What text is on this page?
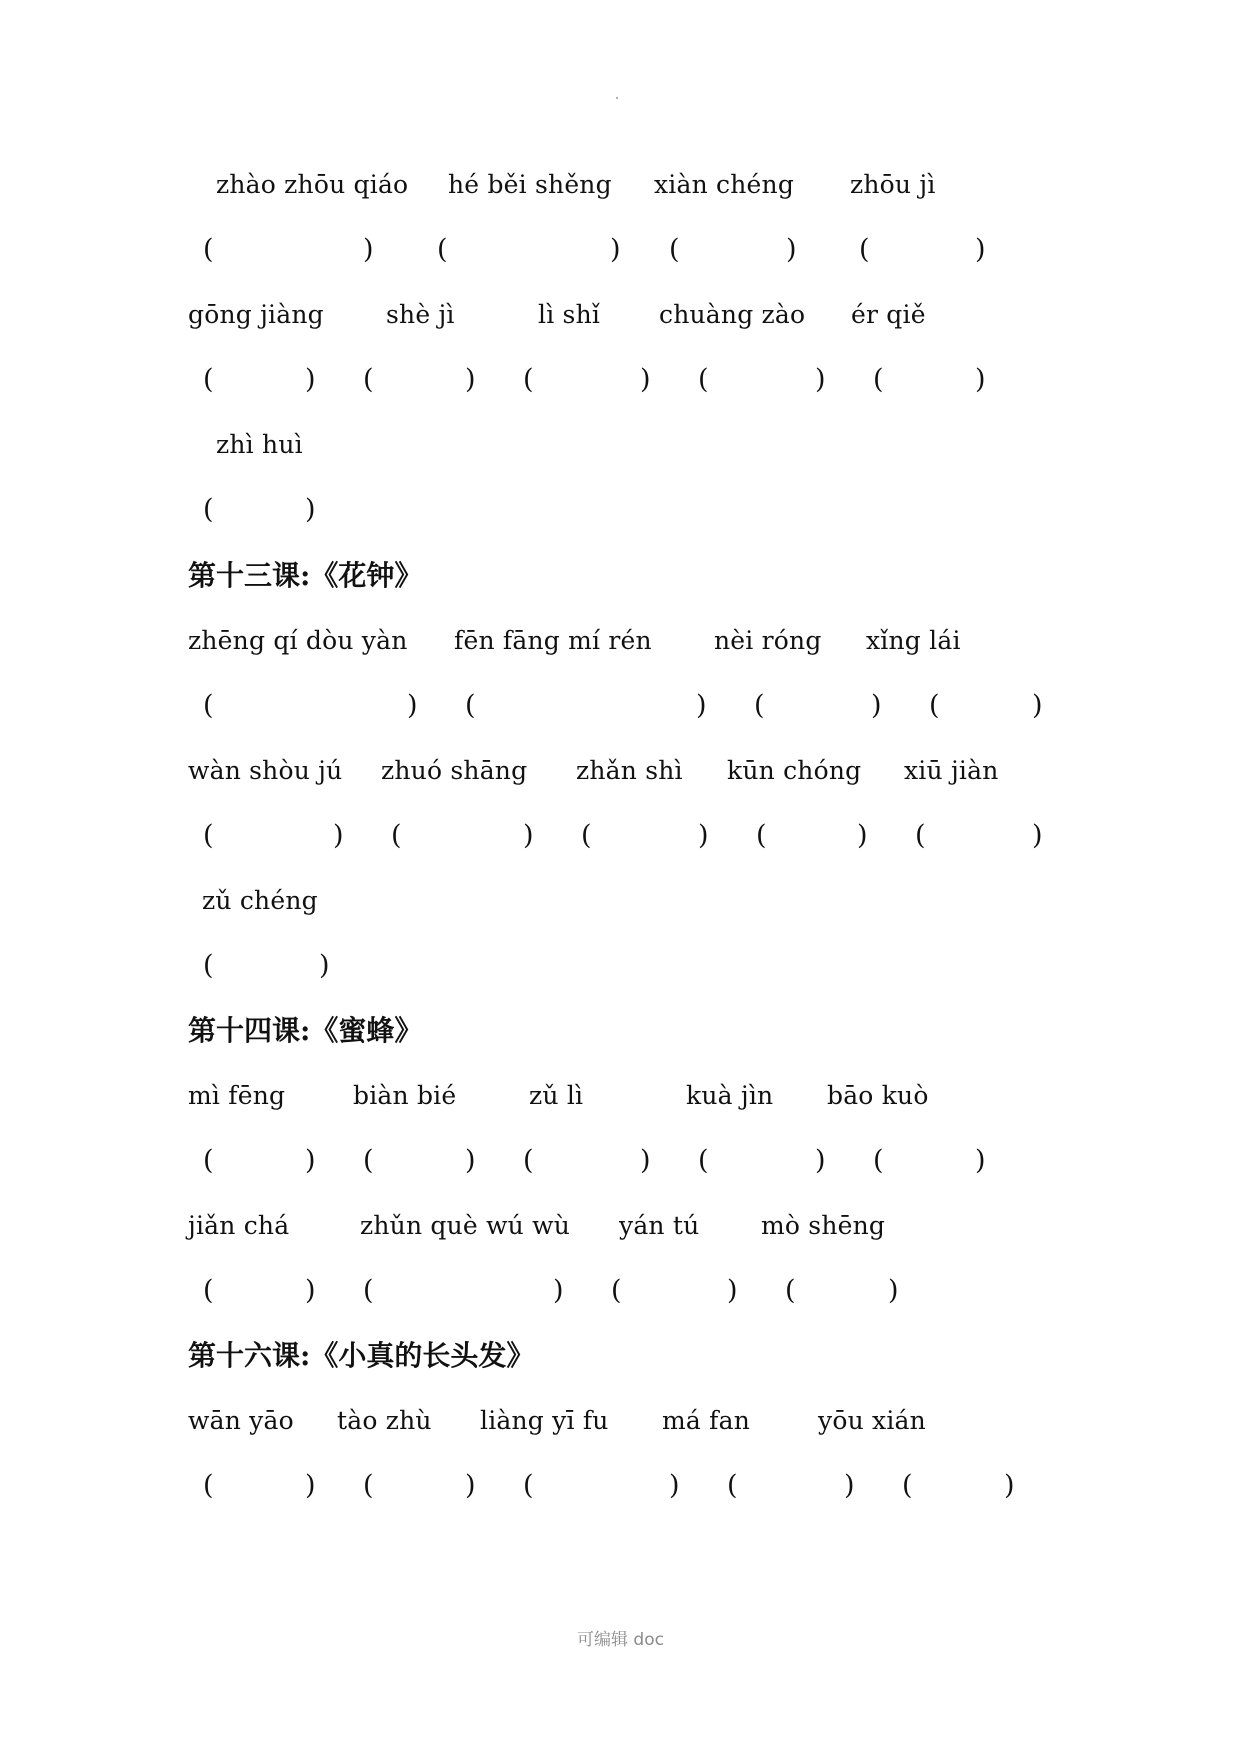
zhào zhōu qiáo hé běi shěng xiàn chéng zhōu jì
(	) (	) (	) (	)
gōng jiàng shè jì	lì shǐ chuàng zào ér qiě
(	) (	) (	) (	) (	)
zhì huì
(	)
第十三课:《花钟》
zhēng qí dòu yàn fēn fāng mí rén nèi róng xǐng lái
(	) (	) (	) (	)
wàn shòu jú zhuó shāng zhǎn shì kūn chóng xiū jiàn
(	) (	) (	) (	) (	)
zǔ chéng
(	)
第十四课:《蜜蜂》
mì fēng	biàn bié	zǔ lì	kuà jìn bāo kuò
(	) (	) (	) (	) (	)
jiǎn chá	zhǔn què wú wù yán tú mò shēng
(	) (	) (	) (	)
第十六课:《小真的长头发》
wān yāo tào zhù liàng yī fu má fan	yōu xián
(	) (	) (	) (	) (	)
可编辑 doc
